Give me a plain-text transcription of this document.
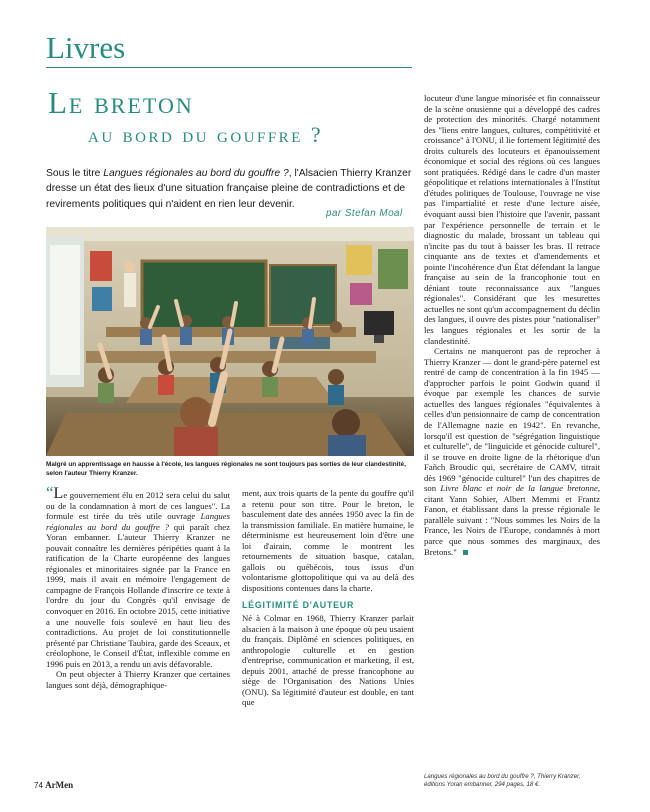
Livres
Le breton
au bord du gouffre ?
Sous le titre Langues régionales au bord du gouffre ?, l'Alsacien Thierry Kranzer dresse un état des lieux d'une situation française pleine de contradictions et de revirements politiques qui n'aident en rien leur devenir.
par Stefan Moal
Malgré un apprentissage en hausse à l'école, les langues régionales ne sont toujours pas sorties de leur clandestinité, selon l'auteur Thierry Kranzer.

“Le gouvernement élu en 2012 sera celui du salut ou de la condamnation à mort de ces langues". La formule est tirée du très utile ouvrage Langues régionales au bord du gouffre ? qui paraît chez Yoran embanner. L'auteur Thierry Kranzer ne pouvait connaître les dernières péripéties quant à la ratification de la Charte européenne des langues régionales et minoritaires signée par la France en 1999, mais il avait en mémoire l'engagement de campagne de François Hollande d'inscrire ce texte à l'ordre du jour du Congrès qu'il envisage de convoquer en 2016. En octobre 2015, cette initiative a une nouvelle fois soulevé en haut lieu des contradictions. Au projet de loi constitutionnelle présenté par Christiane Taubira, garde des Sceaux, et créolophone, le Conseil d'État, inflexible comme en 1996 puis en 2013, a rendu un avis défavorable.

On peut objecter à Thierry Kranzer que certaines langues sont déjà, démographique-

ment, aux trois quarts de la pente du gouffre qu'il a retenu pour son titre. Pour le breton, le basculement date des années 1950 avec la fin de la transmission familiale. En matière humaine, le déterminisme est heureusement loin d'être une loi d'airain, comme le montrent les retournements de situation basque, catalan, gallois ou québécois, tous issus d'un volontarisme glottopolitique qui va au delà des dispositions contenues dans la charte.

LÉGITIMITÉ D'AUTEUR

Né à Colmar en 1968, Thierry Kranzer parlait alsacien à la maison à une époque où peu usaient du français. Diplômé en sciences politiques, en anthropologie culturelle et en gestion d'entreprise, communication et marketing, il est, depuis 2001, attaché de presse francophone au siège de l'Organisation des Nations Unies (ONU). Sa légitimité d'auteur est double, en tant que

locuteur d'une langue minorisée et fin connaisseur de la scène onusienne qui a développé des cadres de protection des minorités. Chargé notamment des "liens entre langues, cultures, compétitivité et croissance" à l'ONU, il lie fortement légitimité des droits culturels des locuteurs et épanouissement économique et social des régions où ces langues sont pratiquées. Rédigé dans le cadre d'un master géopolitique et relations internationales à l'Institut d'études politiques de Toulouse, l'ouvrage ne vise pas l'impartialité et reste d'une lecture aisée, évoquant aussi bien l'histoire que l'avenir, passant par l'expérience personnelle de terrain et le diagnostic du malade, brossant un tableau qui n'incite pas du tout à baisser les bras. Il retrace cinquante ans de textes et d'amendements et pointe l'incohérence d'un État défendant la langue française au sein de la francophonie tout en déniant toute reconnaissance aux "langues régionales". Considérant que les mesurettes actuelles ne sont qu'un accompagnement du déclin des langues, il ouvre des pistes pour "nationaliser" les langues régionales et les sortir de la clandestinité.

Certains ne manqueront pas de reprocher à Thierry Kranzer — dont le grand-père paternel est rentré de camp de concentration à la fin 1945 — d'approcher parfois le point Godwin quand il évoque par exemple les chances de survie actuelles des langues régionales "équivalentes à celles d'un pensionnaire de camp de concentration de l'Allemagne nazie en 1942". En revanche, lorsqu'il est question de "ségrégation linguistique et culturelle", de "linguicide et génocide culturel", il se trouve en droite ligne de la rhétorique d'un Fañch Broudic qui, secrétaire de CAMV, titrait dès 1969 "génocide culturel" l'un des chapitres de son Livre blanc et noir de la langue bretonne, citant Yann Sohier, Albert Memmi et Frantz Fanon, et établissant dans la presse régionale le parallèle suivant : "Nous sommes les Noirs de la France, les Noirs de l'Europe, condamnés à mort parce que nous sommes des marginaux, des Bretons."

Langues régionales au bord du gouffre ?, Thierry Kranzer, éditions Yoran embanner, 294 pages, 18 €.
74 ArMen
